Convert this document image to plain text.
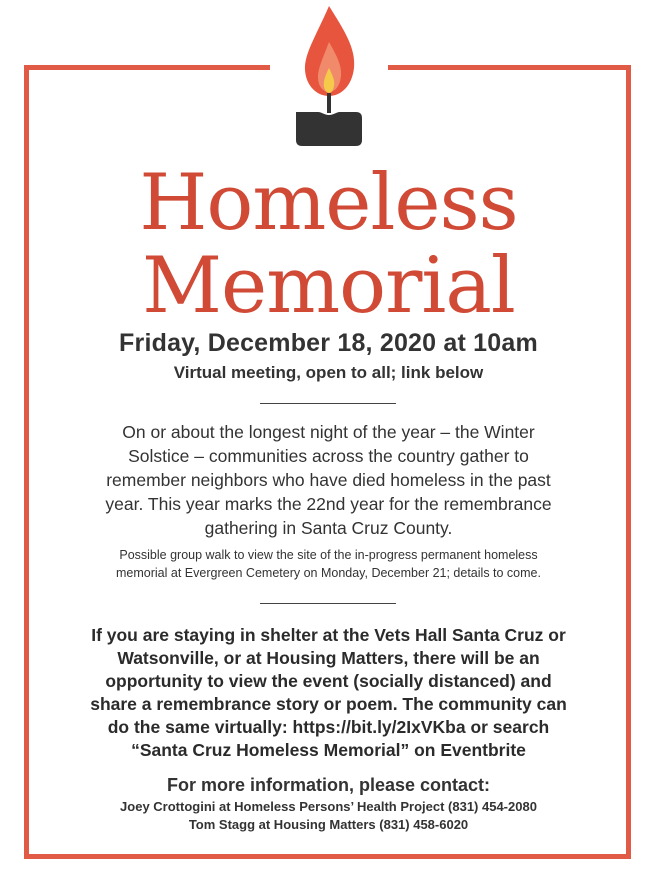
Homeless
Memorial
Friday, December 18, 2020 at 10am
Virtual meeting, open to all; link below
On or about the longest night of the year – the Winter
Solstice – communities across the country gather to
remember neighbors who have died homeless in the past
year. This year marks the 22nd year for the remembrance
gathering in Santa Cruz County.
Possible group walk to view the site of the in-progress permanent homeless
memorial at Evergreen Cemetery on Monday, December 21; details to come.
If you are staying in shelter at the Vets Hall Santa Cruz or
Watsonville, or at Housing Matters, there will be an
opportunity to view the event (socially distanced) and
share a remembrance story or poem. The community can
do the same virtually: https://bit.ly/2IxVKba or search
“Santa Cruz Homeless Memorial” on Eventbrite
For more information, please contact:
Joey Crottogini at Homeless Persons’ Health Project (831) 454-2080
Tom Stagg at Housing Matters (831) 458-6020
